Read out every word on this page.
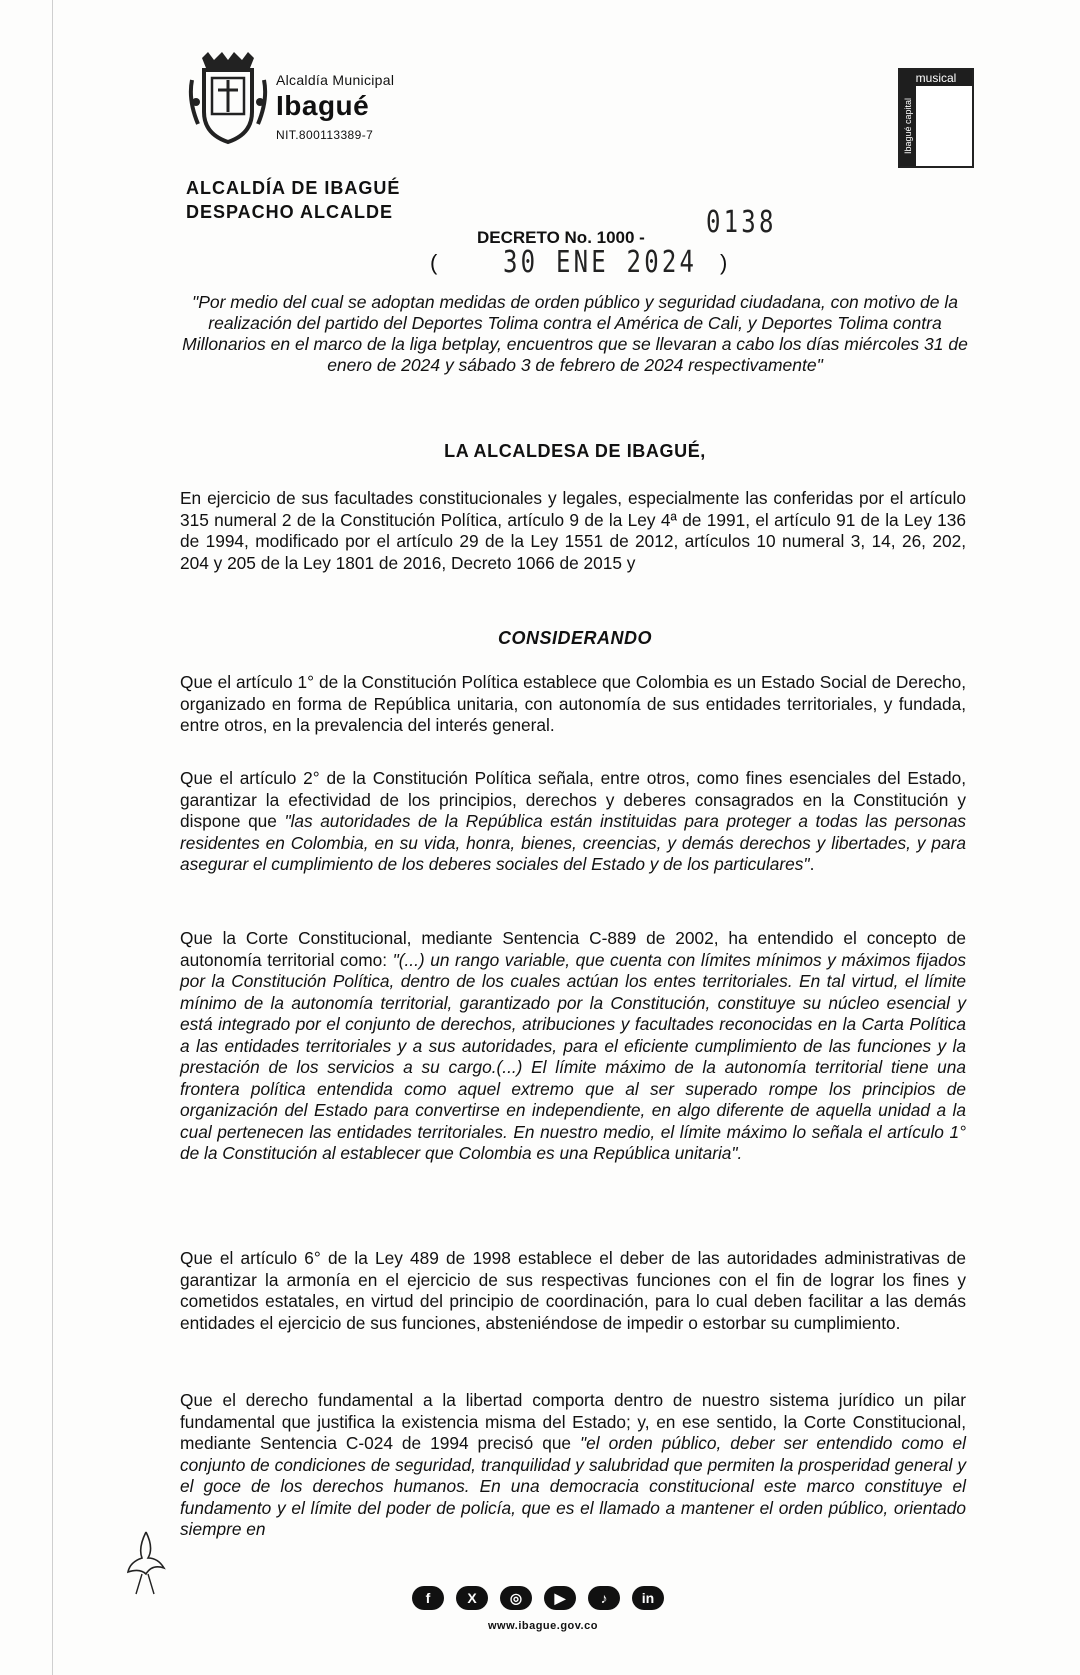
Alcaldía Municipal
Ibagué
NIT.800113389-7
musical
Ibagué capital
ALCALDÍA DE IBAGUÉ
DESPACHO ALCALDE
DECRETO No. 1000 - 0138
( 30 ENE 2024 )
"Por medio del cual se adoptan medidas de orden público y seguridad ciudadana, con motivo de la realización del partido del Deportes Tolima contra el América de Cali, y Deportes Tolima contra Millonarios en el marco de la liga betplay, encuentros que se llevaran a cabo los días miércoles 31 de enero de 2024 y sábado 3 de febrero de 2024 respectivamente"
LA ALCALDESA DE IBAGUÉ,
En ejercicio de sus facultades constitucionales y legales, especialmente las conferidas por el artículo 315 numeral 2 de la Constitución Política, artículo 9 de la Ley 4ª de 1991, el artículo 91 de la Ley 136 de 1994, modificado por el artículo 29 de la Ley 1551 de 2012, artículos 10 numeral 3, 14, 26, 202, 204 y 205 de la Ley 1801 de 2016, Decreto 1066 de 2015 y
CONSIDERANDO
Que el artículo 1° de la Constitución Política establece que Colombia es un Estado Social de Derecho, organizado en forma de República unitaria, con autonomía de sus entidades territoriales, y fundada, entre otros, en la prevalencia del interés general.
Que el artículo 2° de la Constitución Política señala, entre otros, como fines esenciales del Estado, garantizar la efectividad de los principios, derechos y deberes consagrados en la Constitución y dispone que "las autoridades de la República están instituidas para proteger a todas las personas residentes en Colombia, en su vida, honra, bienes, creencias, y demás derechos y libertades, y para asegurar el cumplimiento de los deberes sociales del Estado y de los particulares".
Que la Corte Constitucional, mediante Sentencia C-889 de 2002, ha entendido el concepto de autonomía territorial como: "(...) un rango variable, que cuenta con límites mínimos y máximos fijados por la Constitución Política, dentro de los cuales actúan los entes territoriales. En tal virtud, el límite mínimo de la autonomía territorial, garantizado por la Constitución, constituye su núcleo esencial y está integrado por el conjunto de derechos, atribuciones y facultades reconocidas en la Carta Política a las entidades territoriales y a sus autoridades, para el eficiente cumplimiento de las funciones y la prestación de los servicios a su cargo.(...) El límite máximo de la autonomía territorial tiene una frontera política entendida como aquel extremo que al ser superado rompe los principios de organización del Estado para convertirse en independiente, en algo diferente de aquella unidad a la cual pertenecen las entidades territoriales. En nuestro medio, el límite máximo lo señala el artículo 1° de la Constitución al establecer que Colombia es una República unitaria".
Que el artículo 6° de la Ley 489 de 1998 establece el deber de las autoridades administrativas de garantizar la armonía en el ejercicio de sus respectivas funciones con el fin de lograr los fines y cometidos estatales, en virtud del principio de coordinación, para lo cual deben facilitar a las demás entidades el ejercicio de sus funciones, absteniéndose de impedir o estorbar su cumplimiento.
Que el derecho fundamental a la libertad comporta dentro de nuestro sistema jurídico un pilar fundamental que justifica la existencia misma del Estado; y, en ese sentido, la Corte Constitucional, mediante Sentencia C-024 de 1994 precisó que "el orden público, deber ser entendido como el conjunto de condiciones de seguridad, tranquilidad y salubridad que permiten la prosperidad general y el goce de los derechos humanos. En una democracia constitucional este marco constituye el fundamento y el límite del poder de policía, que es el llamado a mantener el orden público, orientado siempre en
f	X	◎	▶	♪	in
www.ibague.gov.co
